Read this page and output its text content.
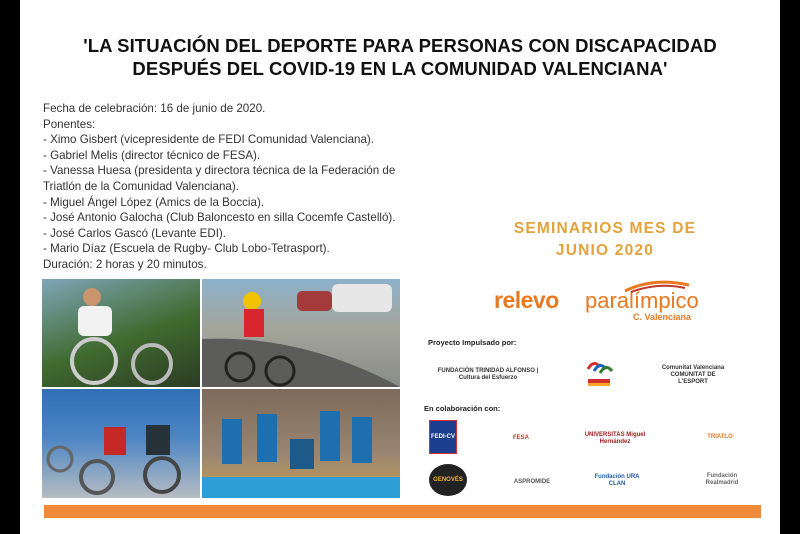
'LA SITUACIÓN DEL DEPORTE PARA PERSONAS CON DISCAPACIDAD
DESPUÉS DEL COVID-19 EN LA COMUNIDAD VALENCIANA'
Fecha de celebración: 16 de junio de 2020.
Ponentes:
- Ximo Gisbert (vicepresidente de FEDI Comunidad Valenciana).
- Gabriel Melis (director técnico de FESA).
- Vanessa Huesa (presidenta y directora técnica de la Federación de Triatlón de la Comunidad Valenciana).
- Miguel Ángel López (Amics de la Boccia).
- José Antonio Galocha (Club Baloncesto en silla Cocemfe Castelló).
- José Carlos Gascó (Levante EDI).
- Mario Díaz (Escuela de Rugby- Club Lobo-Tetrasport).
Duración: 2 horas y 20 minutos.
SEMINARIOS MES DE
JUNIO 2020
relevo paralímpico
C. Valenciana
Proyecto Impulsado por:
FUNDACIÓN TRINIDAD ALFONSO | Cultura del Esfuerzo
Comunitat Valenciana COMUNITAT DE L'ESPORT
En colaboración con:
FEDI-CV	FESA	UNIVERSITAS Miguel Hernández
TRIATLO
GENOVÉS	ASPROMIDE
Fundación URA CLAN
Fundación Realmadrid
